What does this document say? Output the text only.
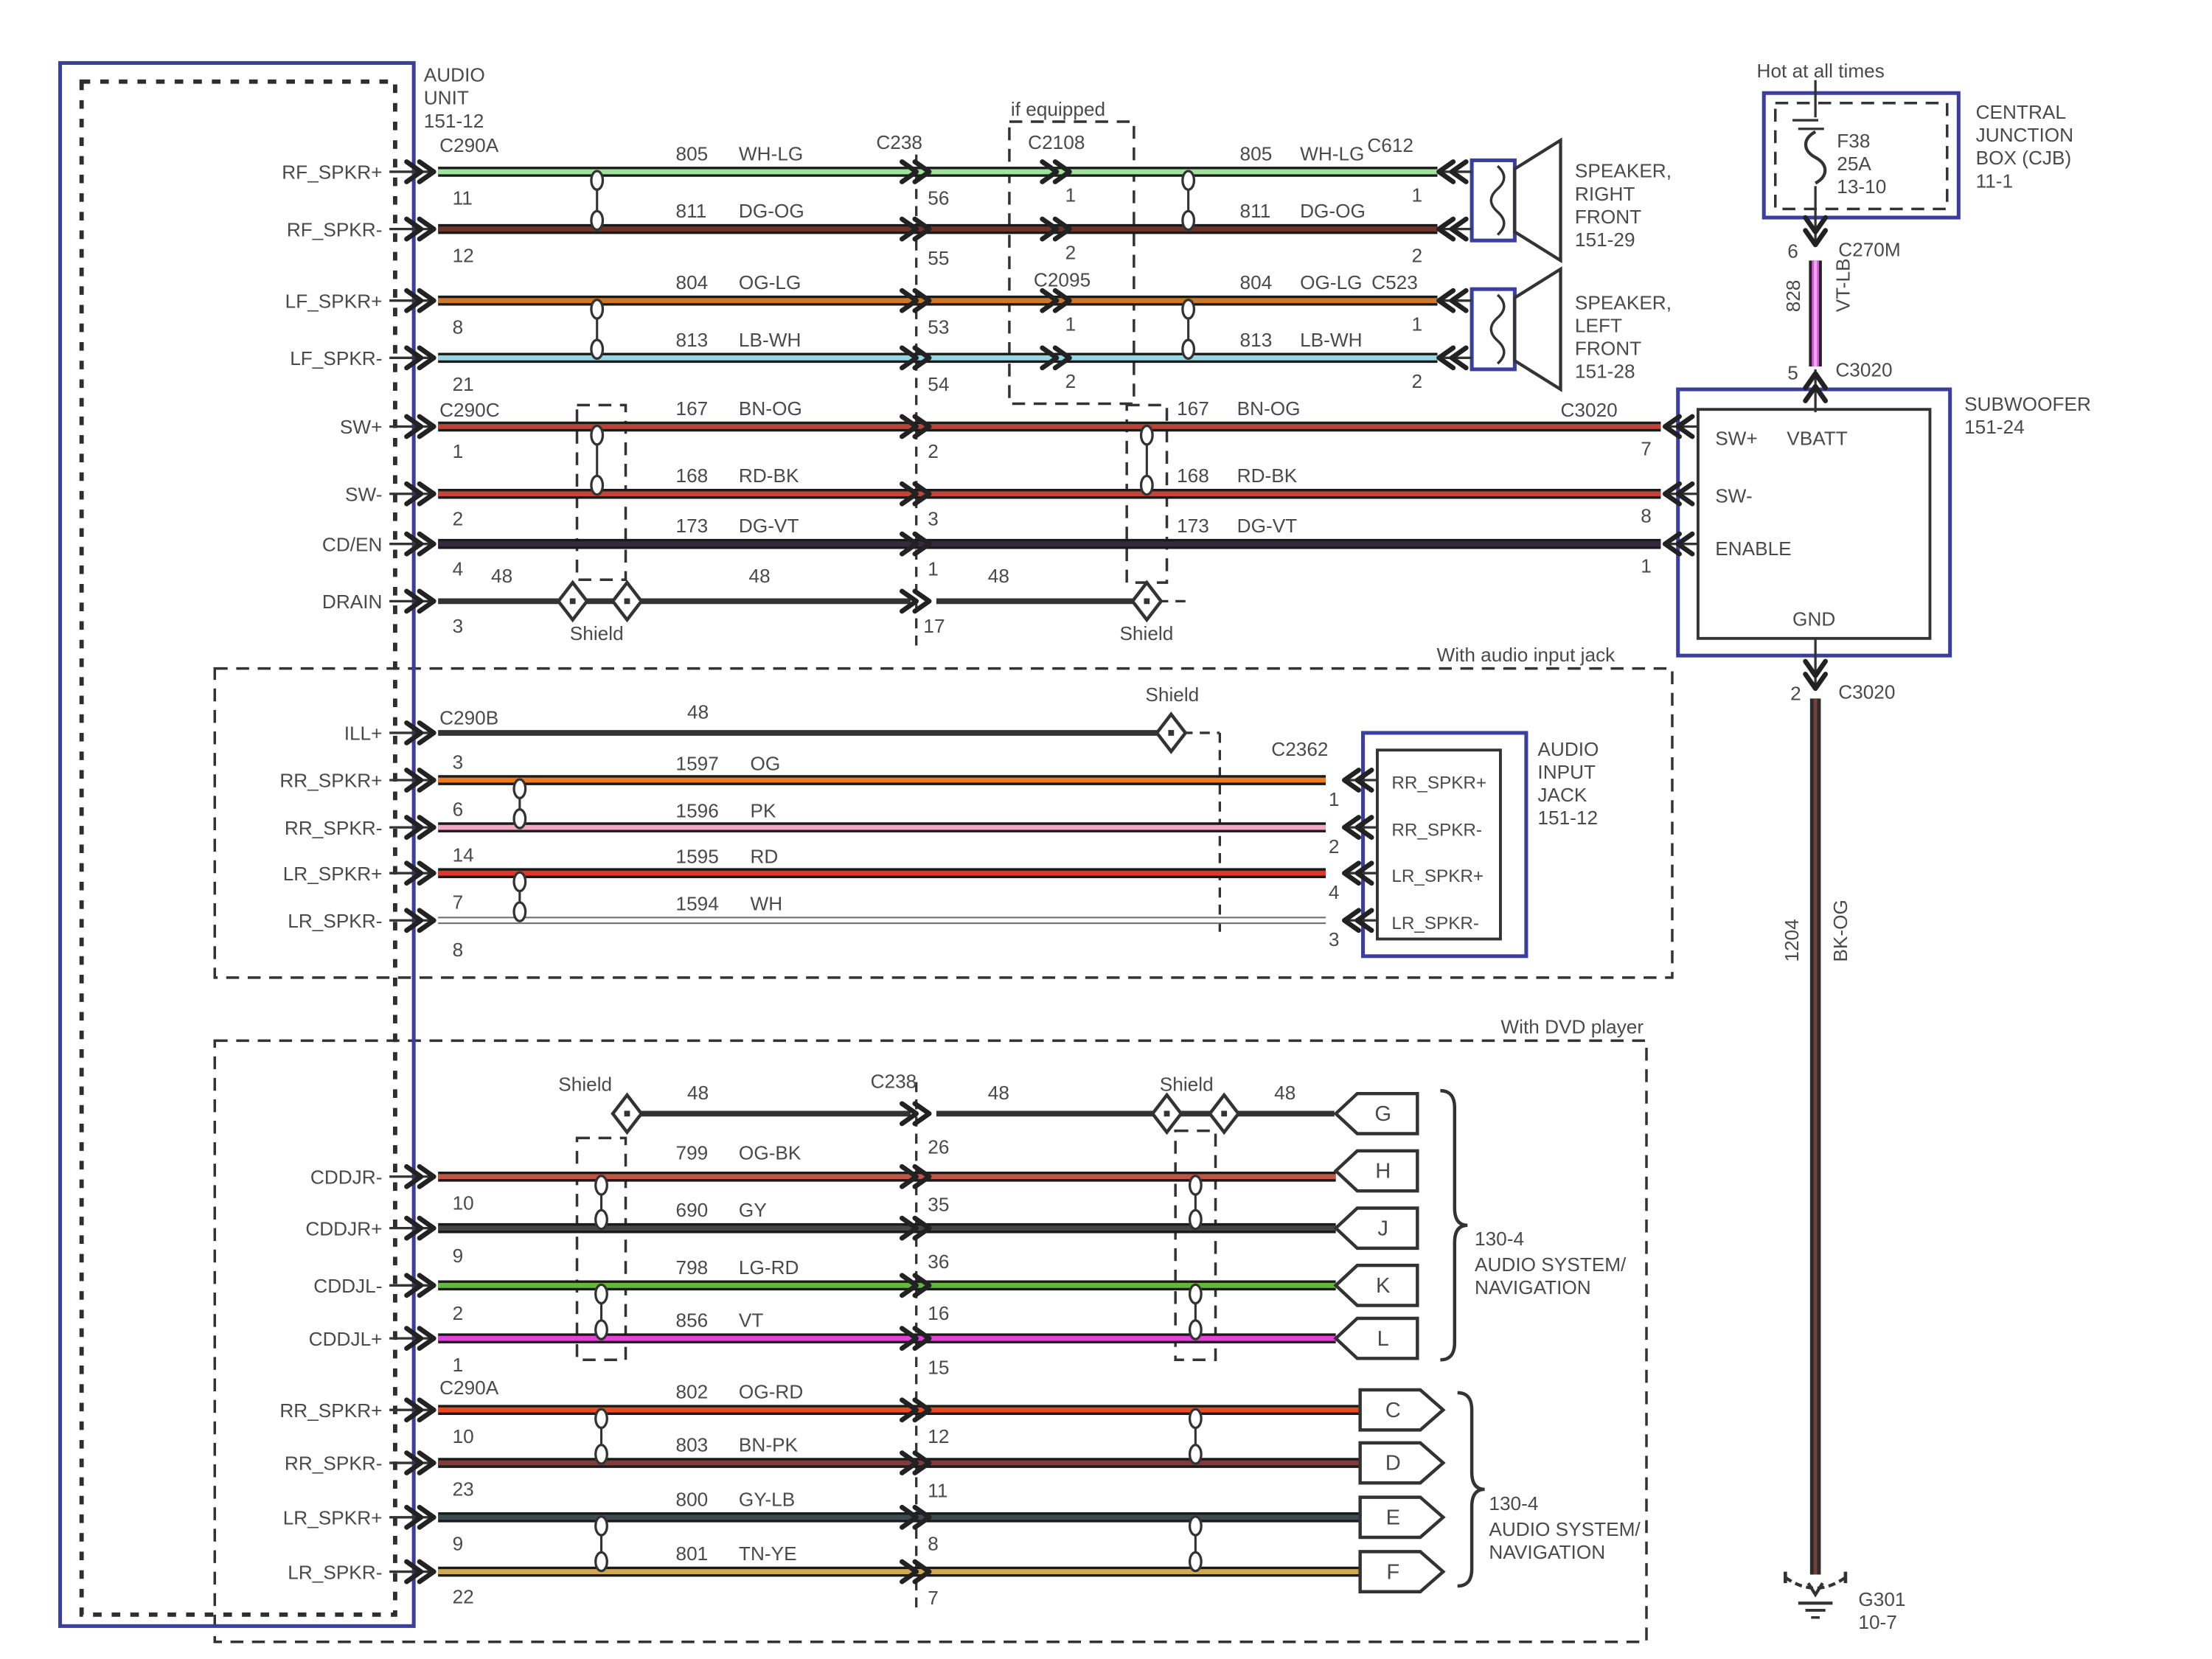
G
H
J
K
L
C
D
E
F
AUDIO
UNIT
151-12
C290A	C238
if equipped
C2108	C612
C2095	C523
C290C	C3020
C290B
C2362
C290A
C238
RF_SPKR+
RF_SPKR-
LF_SPKR+
LF_SPKR-
SW+
SW-
CD/EN
DRAIN
ILL+
RR_SPKR+
RR_SPKR-
LR_SPKR+
LR_SPKR-
CDDJR-
CDDJR+
CDDJL-
CDDJL+
RR_SPKR+
RR_SPKR-
LR_SPKR+
LR_SPKR-
11
12
8
21
1
2
4
3
3
6
14
7
8
10
9
2
1
10
23
9
22
56
55
53
54
2
3
1
17
26
35
36
16
15
12
11
8
7
1
2
1
2
1
2
1
2
7
8
1
1
2
4
3
6
5
2
805	WH-LG
811	DG-OG
804	OG-LG
813	LB-WH
805	WH-LG
811	DG-OG
804	OG-LG
813	LB-WH
167	BN-OG
168	RD-BK
173	DG-VT
167	BN-OG
168	RD-BK
173	DG-VT
48	48	48
48
1597	OG
1596	PK
1595	RD
1594	WH
48	48	48
799	OG-BK
690	GY
798	LG-RD
856	VT
802	OG-RD
803	BN-PK
800	GY-LB
801	TN-YE
Shield	Shield
Shield
Shield	Shield
With audio input jack
With DVD player
SPEAKER,
RIGHT
FRONT
151-29
SPEAKER,
LEFT
FRONT
151-28
SUBWOOFER
151-24
SW+	VBATT
SW-
ENABLE
GND
AUDIO
INPUT
JACK
151-12
RR_SPKR+
RR_SPKR-
LR_SPKR+
LR_SPKR-
Hot at all times
F38
25A
13-10
CENTRAL
JUNCTION
BOX (CJB)
11-1
C270M
C3020
C3020
828	VT-LB
1204	BK-OG
G301
10-7
130-4
AUDIO SYSTEM/
NAVIGATION
130-4
AUDIO SYSTEM/
NAVIGATION
